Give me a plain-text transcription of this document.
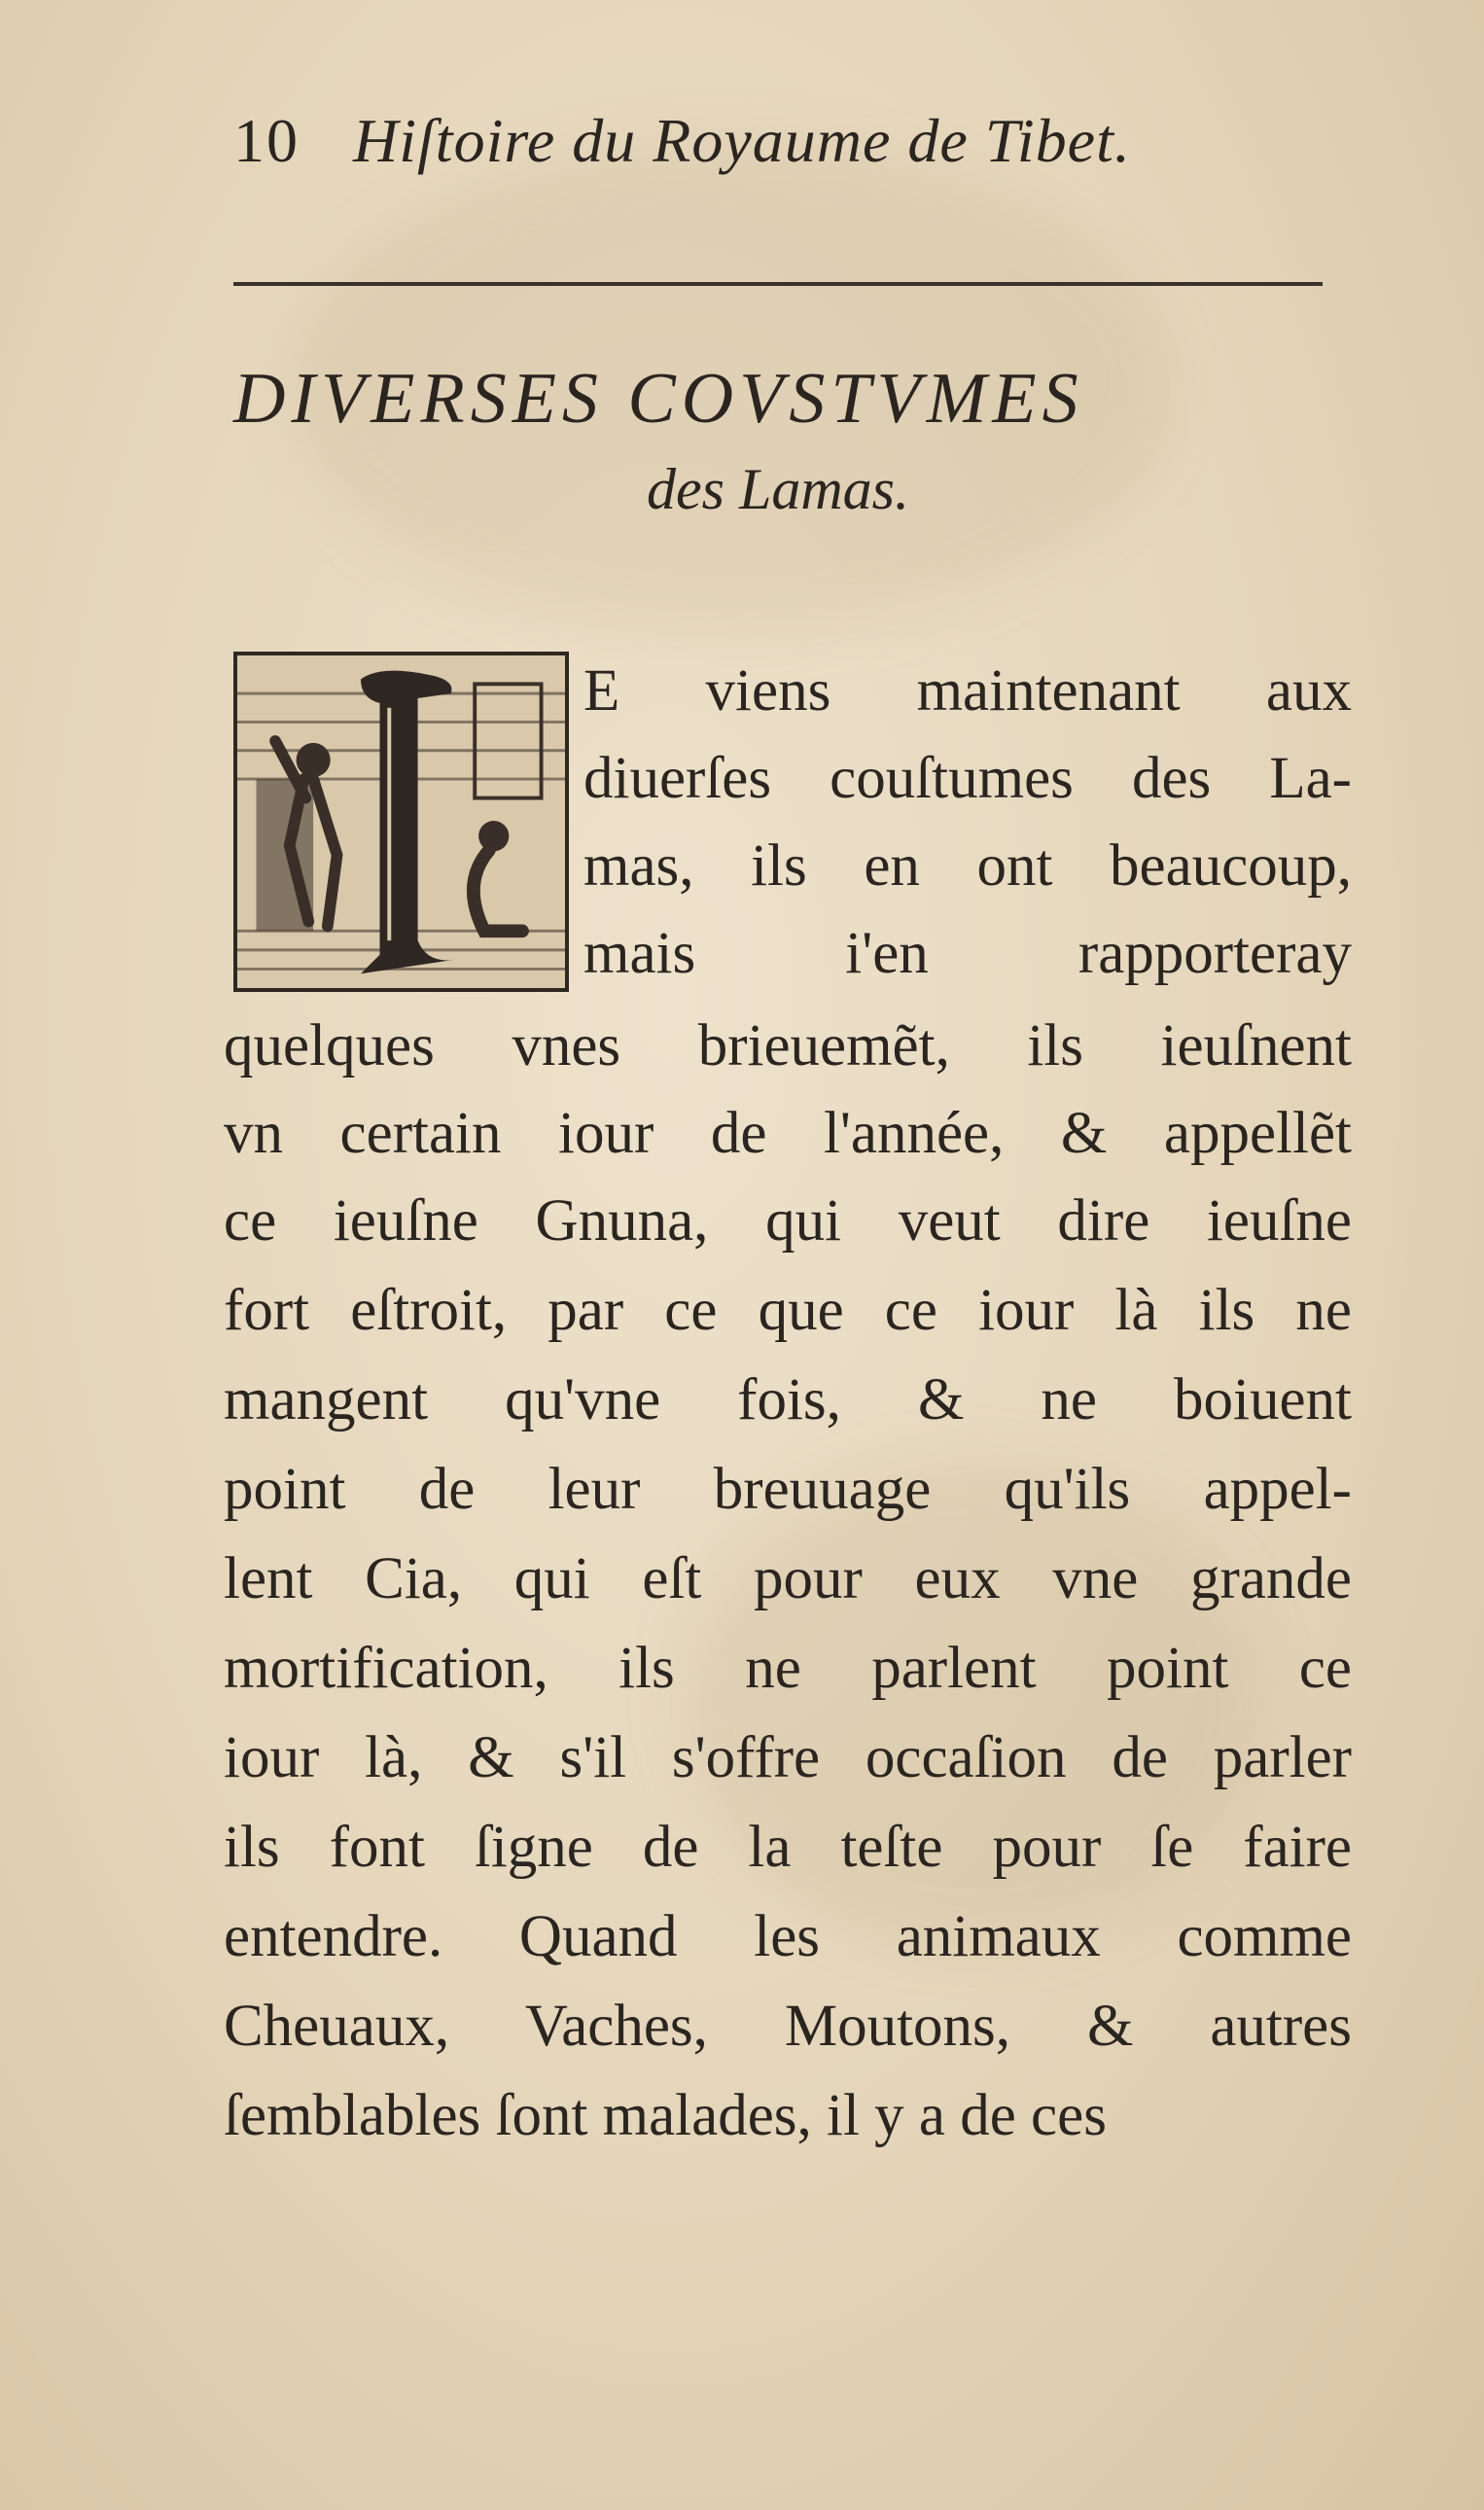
10 Hiſtoire du Royaume de Tibet.
DIVERSES COVSTVMES
des Lamas.
E viens maintenant aux
diuerſes couſtumes des La-
mas, ils en ont beaucoup,
mais i'en rapporteray
quelques vnes brieuemẽt, ils ieuſnent
vn certain iour de l'année, & appellẽt
ce ieuſne Gnuna, qui veut dire ieuſne
fort eſtroit, par ce que ce iour là ils ne
mangent qu'vne fois, & ne boiuent
point de leur breuuage qu'ils appel-
lent Cia, qui eſt pour eux vne grande
mortification, ils ne parlent point ce
iour là, & s'il s'offre occaſion de parler
ils font ſigne de la teſte pour ſe faire
entendre. Quand les animaux comme
Cheuaux, Vaches, Moutons, & autres
ſemblables ſont malades, il y a de ces
